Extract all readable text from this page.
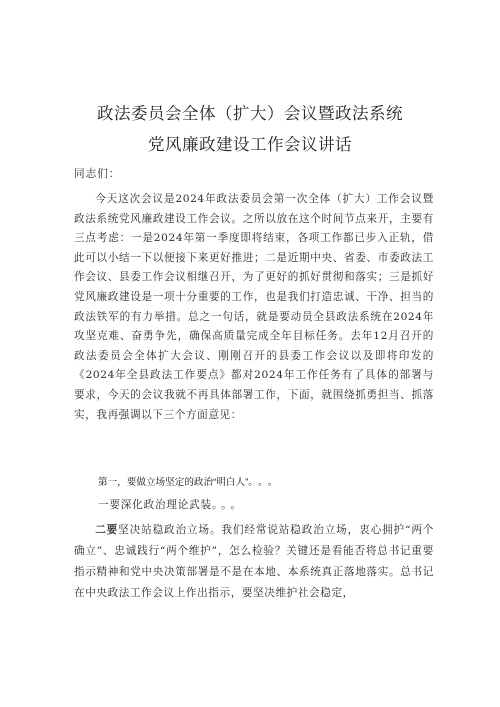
政法委员会全体（扩大）会议暨政法系统
党风廉政建设工作会议讲话
同志们：
今天这次会议是2024年政法委员会第一次全体（扩大）工作会议暨政法系统党风廉政建设工作会议。之所以放在这个时间节点来开，主要有三点考虑：一是2024年第一季度即将结束，各项工作都已步入正轨，借此可以小结一下以便接下来更好推进；二是近期中央、省委、市委政法工作会议、县委工作会议相继召开，为了更好的抓好贯彻和落实；三是抓好党风廉政建设是一项十分重要的工作，也是我们打造忠诚、干净、担当的政法铁军的有力举措。总之一句话，就是要动员全县政法系统在2024年攻坚克难、奋勇争先，确保高质量完成全年目标任务。去年12月召开的政法委员会全体扩大会议、刚刚召开的县委工作会议以及即将印发的《2024年全县政法工作要点》都对2024年工作任务有了具体的部署与要求，今天的会议我就不再具体部署工作，下面，就围绕抓勇担当、抓落实，我再强调以下三个方面意见：
第一，要做立场坚定的政治“明白人”。。。
一要深化政治理论武装。。。
二要坚决站稳政治立场。我们经常说站稳政治立场，衷心拥护“两个确立”、忠诚践行“两个维护”，怎么检验？关键还是看能否将总书记重要指示精神和党中央决策部署是不是在本地、本系统真正落地落实。总书记在中央政法工作会议上作出指示，要坚决维护社会稳定，
